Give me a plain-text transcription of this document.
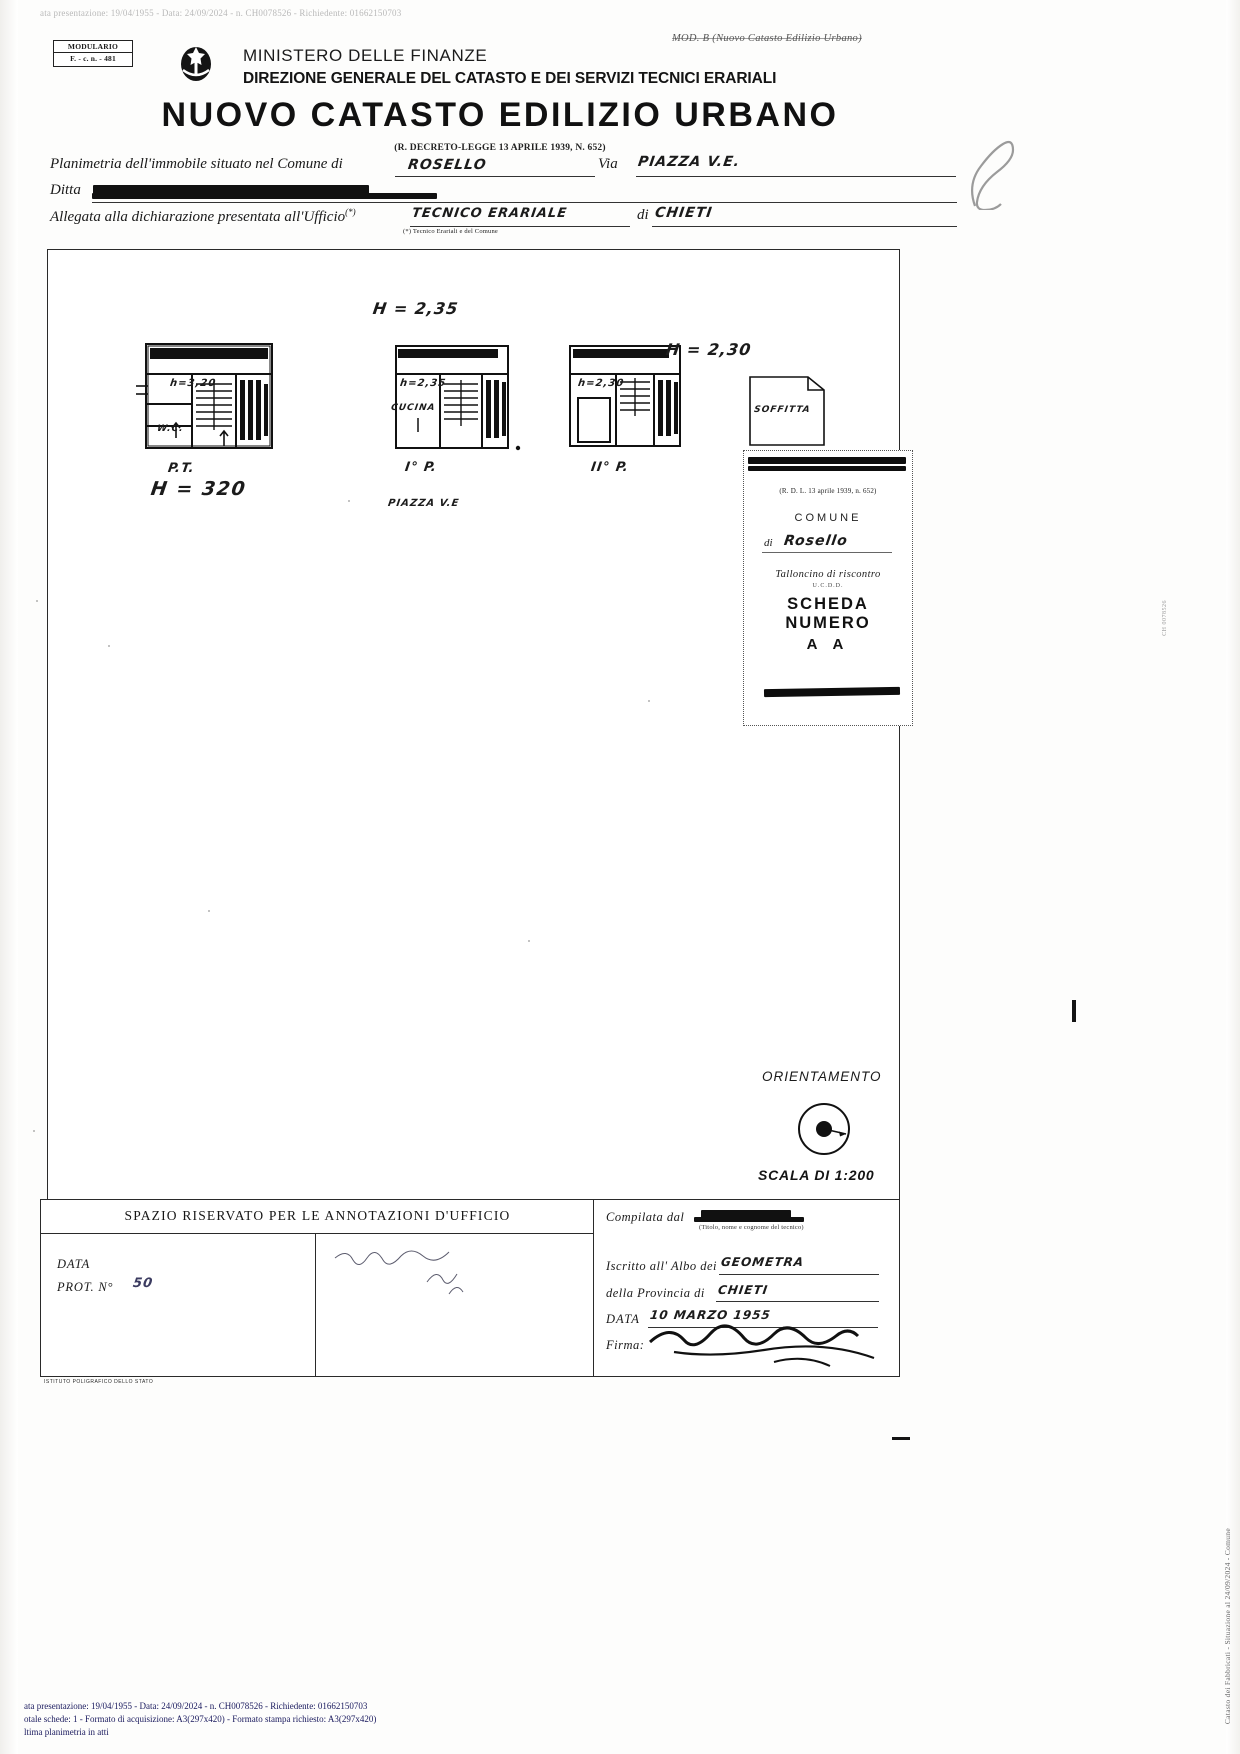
ata presentazione: 19/04/1955 - Data: 24/09/2024 - n. CH0078526 - Richiedente: 01662150703
MOD. B (Nuovo Catasto Edilizio Urbano)
MODULARIO
F. - c. n. - 481	MINISTERO DELLE FINANZE
DIREZIONE GENERALE DEL CATASTO E DEI SERVIZI TECNICI ERARIALI
NUOVO CATASTO EDILIZIO URBANO
(R. DECRETO-LEGGE 13 APRILE 1939, N. 652)
Planimetria dell'immobile situato nel Comune di	ROSELLO	Via PIAZZA V.E.
Ditta
Allegata alla dichiarazione presentata all'Ufficio(*)	TECNICO ERARIALE	di CHIETI
(*) Tecnico Erariali e del Comune
P.T.
H = 320
h=3,20
W.C.
I° P.
H = 2,35
h=2,35
CUCINA
PIAZZA V.E
II° P.
H = 2,30
h=2,30
SOFFITTA
(R. D. L. 13 aprile 1939, n. 652)
COMUNE
di Rosello
Talloncino di riscontro
U.C.D.D.
SCHEDA NUMERO
A A
ORIENTAMENTO
SCALA DI 1:200
SPAZIO RISERVATO PER LE ANNOTAZIONI D'UFFICIO
DATA
PROT. N° 50
ISTITUTO POLIGRAFICO DELLO STATO
Compilata dal
(Titolo, nome e cognome del tecnico)
Iscritto all' Albo dei GEOMETRA
della Provincia di CHIETI
DATA 10 MARZO 1955
Firma:
Catasto dei Fabbricati - Situazione al 24/09/2024 - Comune
CH 0078526
ata presentazione: 19/04/1955 - Data: 24/09/2024 - n. CH0078526 - Richiedente: 01662150703
otale schede: 1 - Formato di acquisizione: A3(297x420) - Formato stampa richiesto: A3(297x420)
ltima planimetria in atti
